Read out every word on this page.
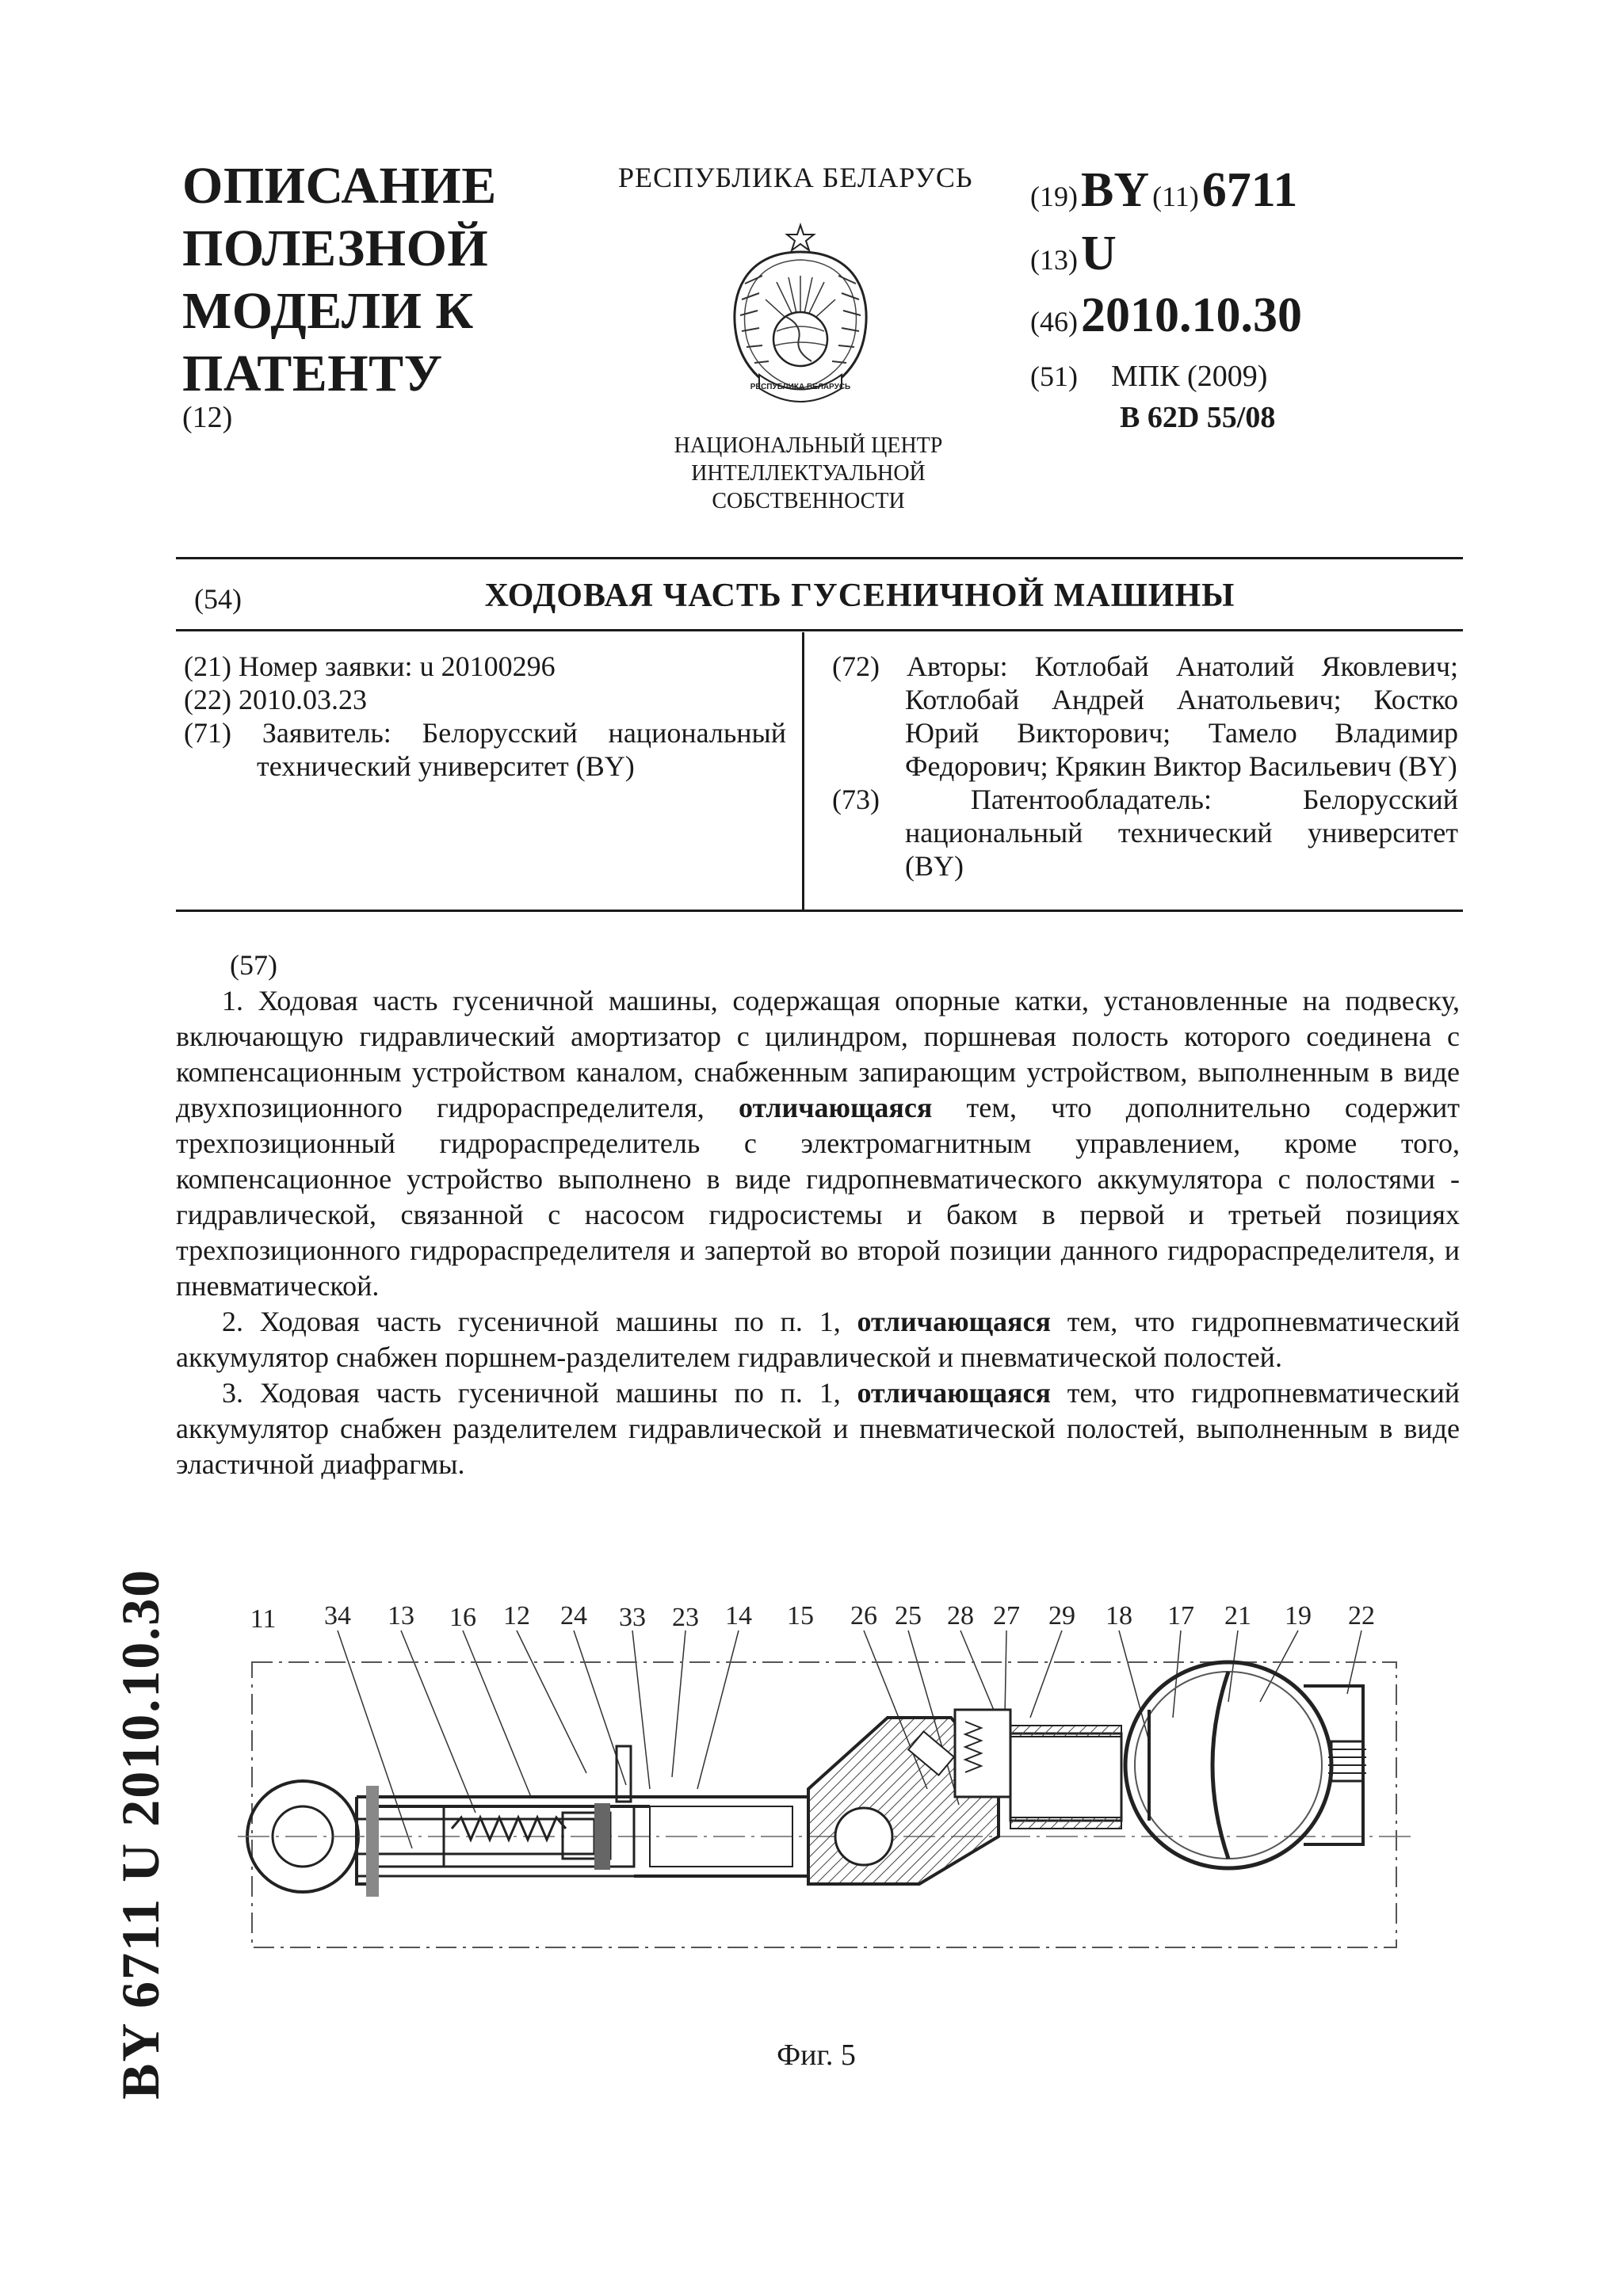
ОПИСАНИЕ ПОЛЕЗНОЙ МОДЕЛИ К ПАТЕНТУ
(12)
РЕСПУБЛИКА БЕЛАРУСЬ
РЕСПУБЛИКА БЕЛАРУСЬ
НАЦИОНАЛЬНЫЙ ЦЕНТР
ИНТЕЛЛЕКТУАЛЬНОЙ
СОБСТВЕННОСТИ
(19) BY (11) 6711
(13) U
(46) 2010.10.30
(51) МПК (2009)
B 62D 55/08
(54)	ХОДОВАЯ ЧАСТЬ ГУСЕНИЧНОЙ МАШИНЫ

(21) Номер заявки: u 20100296

(22) 2010.03.23

(71) Заявитель: Белорусский национальный технический университет (BY)

(72) Авторы: Котлобай Анатолий Яковлевич; Котлобай Андрей Анатольевич; Костко Юрий Викторович; Тамело Владимир Федорович; Крякин Виктор Васильевич (BY)

(73) Патентообладатель: Белорусский национальный технический университет (BY)

(57)

1. Ходовая часть гусеничной машины, содержащая опорные катки, установленные на подвеску, включающую гидравлический амортизатор с цилиндром, поршневая полость которого соединена с компенсационным устройством каналом, снабженным запирающим устройством, выполненным в виде двухпозиционного гидрораспределителя, отличающаяся тем, что дополнительно содержит трехпозиционный гидрораспределитель с электромагнитным управлением, кроме того, компенсационное устройство выполнено в виде гидропневматического аккумулятора с полостями - гидравлической, связанной с насосом гидросистемы и баком в первой и третьей позициях трехпозиционного гидрораспределителя и запертой во второй позиции данного гидрораспределителя, и пневматической.

2. Ходовая часть гусеничной машины по п. 1, отличающаяся тем, что гидропневматический аккумулятор снабжен поршнем-разделителем гидравлической и пневматической полостей.

3. Ходовая часть гусеничной машины по п. 1, отличающаяся тем, что гидропневматический аккумулятор снабжен разделителем гидравлической и пневматической полостей, выполненным в виде эластичной диафрагмы.

11 34 13 16 12 24 33 23 14 15 26 25 28 27 29 18 17 21 19 22
Фиг. 5
BY 6711 U 2010.10.30
